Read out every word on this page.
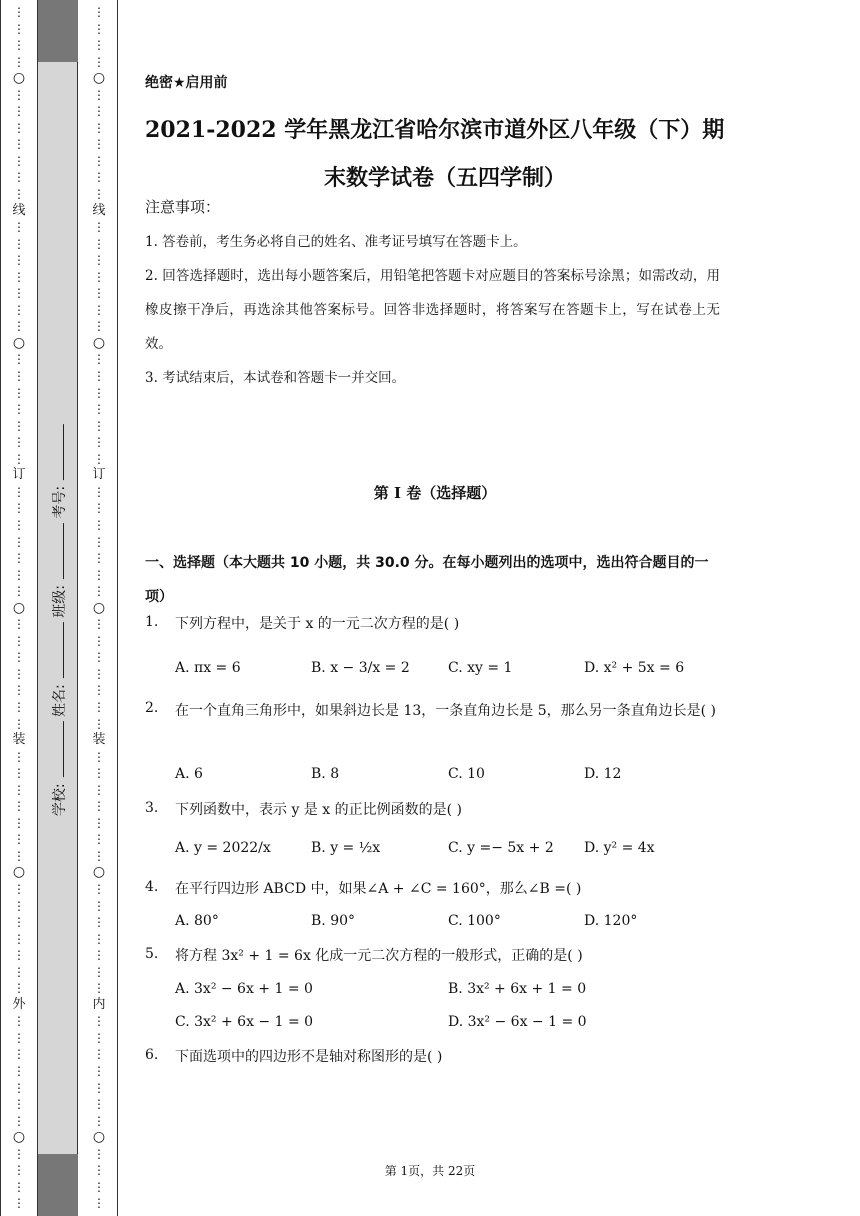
⋮
⋮
⋮
⋮
○
⋮
⋮
⋮
⋮
⋮
⋮
⋮
线
⋮
⋮
⋮
⋮
⋮
⋮
⋮
○
⋮
⋮
⋮
⋮
⋮
⋮
⋮
订
⋮
⋮
⋮
⋮
⋮
⋮
⋮
○
⋮
⋮
⋮
⋮
⋮
⋮
⋮
装
⋮
⋮
⋮
⋮
⋮
⋮
⋮
○
⋮
⋮
⋮
⋮
⋮
⋮
⋮
外
⋮
⋮
⋮
⋮
⋮
⋮
⋮
○
⋮
⋮
⋮
⋮
⋮
⋮
⋮
⋮
○
⋮
⋮
⋮
⋮
⋮
⋮
⋮
线
⋮
⋮
⋮
⋮
⋮
⋮
⋮
○
⋮
⋮
⋮
⋮
⋮
⋮
⋮
订
⋮
⋮
⋮
⋮
⋮
⋮
⋮
○
⋮
⋮
⋮
⋮
⋮
⋮
⋮
装
⋮
⋮
⋮
⋮
⋮
⋮
⋮
○
⋮
⋮
⋮
⋮
⋮
⋮
⋮
内
⋮
⋮
⋮
⋮
⋮
⋮
⋮
○
⋮
⋮
⋮
⋮
学校: 姓名: 班级: 考号:
绝密★启用前
2021-2022 学年黑龙江省哈尔滨市道外区八年级（下）期
末数学试卷（五四学制）
注意事项：

1. 答卷前，考生务必将自己的姓名、准考证号填写在答题卡上。

2. 回答选择题时，选出每小题答案后，用铅笔把答题卡对应题目的答案标号涂黑；如需改动，用橡皮擦干净后，再选涂其他答案标号。回答非选择题时，将答案写在答题卡上，写在试卷上无效。

3. 考试结束后，本试卷和答题卡一并交回。

第 I 卷（选择题）
一、选择题（本大题共 10 小题，共 30.0 分。在每小题列出的选项中，选出符合题目的一项）
1. 下列方程中，是关于 x 的一元二次方程的是( )
A. πx = 6	B. x − 3/x = 2	C. xy = 1	D. x² + 5x = 6
2. 在一个直角三角形中，如果斜边长是 13，一条直角边长是 5，那么另一条直角边长是( )
A. 6	B. 8	C. 10	D. 12
3. 下列函数中，表示 y 是 x 的正比例函数的是( )
A. y = 2022/x	B. y = ½x	C. y =− 5x + 2 D. y² = 4x
4. 在平行四边形 ABCD 中，如果∠A + ∠C = 160°，那么∠B =( )
A. 80°	B. 90°	C. 100°	D. 120°
5. 将方程 3x² + 1 = 6x 化成一元二次方程的一般形式，正确的是( )
A. 3x² − 6x + 1 = 0	B. 3x² + 6x + 1 = 0
C. 3x² + 6x − 1 = 0	D. 3x² − 6x − 1 = 0
6. 下面选项中的四边形不是轴对称图形的是( )
第 1页，共 22页
